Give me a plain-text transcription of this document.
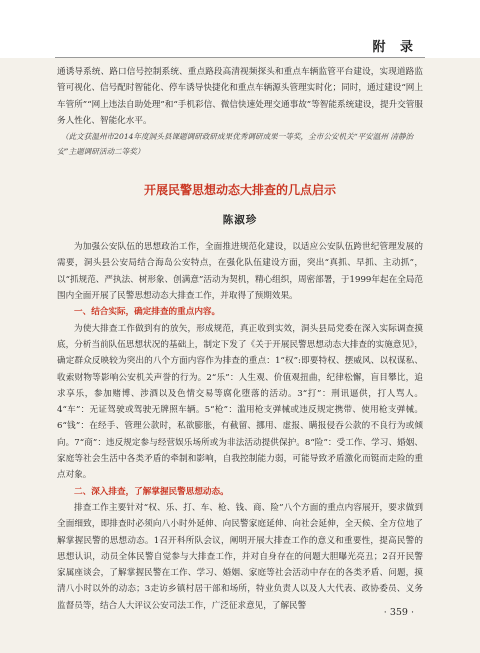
附 录

通诱导系统、路口信号控制系统、重点路段高清视频探头和重点车辆监管平台建设，实现道路监管可视化、信号配时智能化、停车诱导快捷化和重点车辆源头管理实时化；同时，通过建设“网上车管所”“网上违法自助处理”和“手机彩信、微信快速处理交通事故”等智能系统建设，提升交管服务人性化、智能化水平。

（此文获温州市2014年度洞头县课题调研政研成果优秀调研成果一等奖，全市公安机关“平安温州 清静治安”主题调研活动二等奖）

开展民警思想动态大排查的几点启示
陈淑珍

为加强公安队伍的思想政治工作，全面推进规范化建设，以适应公安队伍跨世纪管理发展的需要，洞头县公安局结合海岛公安特点，在强化队伍建设方面，突出“真抓、早抓、主动抓”，以“抓规范、严执法、树形象、创满意”活动为契机，精心组织，周密部署，于1999年起在全局范围内全面开展了民警思想动态大排查工作，并取得了预期效果。

一、结合实际，确定排查的重点内容。

为使大排查工作做到有的放矢，形成规范，真正收到实效，洞头县局党委在深入实际调查摸底，分析当前队伍思想状况的基础上，制定下发了《关于开展民警思想动态大排查的实施意见》，确定群众反映较为突出的八个方面内容作为排查的重点：1“权”:即要特权、摆威风、以权谋私、收索财物等影响公安机关声誉的行为。2“乐”：人生观、价值观扭曲，纪律松懈，盲目攀比，追求享乐，参加赌博、涉酒以及色情交易等腐化堕落的活动。3“打”：刑讯逼供，打人骂人。4“车”：无证驾驶或驾驶无牌照车辆。5“枪”：滥用枪支弹械或违反规定携带、使用枪支弹械。6“钱”：在经手、管理公款时，私欲膨胀，有截留、挪用、虚报、瞒报侵吞公款的不良行为或倾向。7“商”：违反规定参与经营娱乐场所或为非法活动提供保护。8“险”：受工作、学习、婚姻、家庭等社会生活中各类矛盾的牵制和影响，自我控制能力弱，可能导致矛盾激化而铤而走险的重点对象。

二、深入排查，了解掌握民警思想动态。

排查工作主要针对“权、乐、打、车、枪、钱、商、险”八个方面的重点内容展开，要求做到全面细致，即排查时必须向八小时外延伸、向民警家庭延伸、向社会延伸，全天候、全方位地了解掌握民警的思想动态。1召开科所队会议，阐明开展大排查工作的意义和重要性，提高民警的思想认识，动员全体民警自觉参与大排查工作，并对自身存在的问题大胆曝光亮丑；2召开民警家属座谈会，了解掌握民警在工作、学习、婚姻、家庭等社会活动中存在的各类矛盾、问题，摸清八小时以外的动态；3走访乡镇村居干部和场所，特业负责人以及人大代表、政协委员、义务监督员等，结合人大评议公安司法工作，广泛征求意见，了解民警

· 359 ·
